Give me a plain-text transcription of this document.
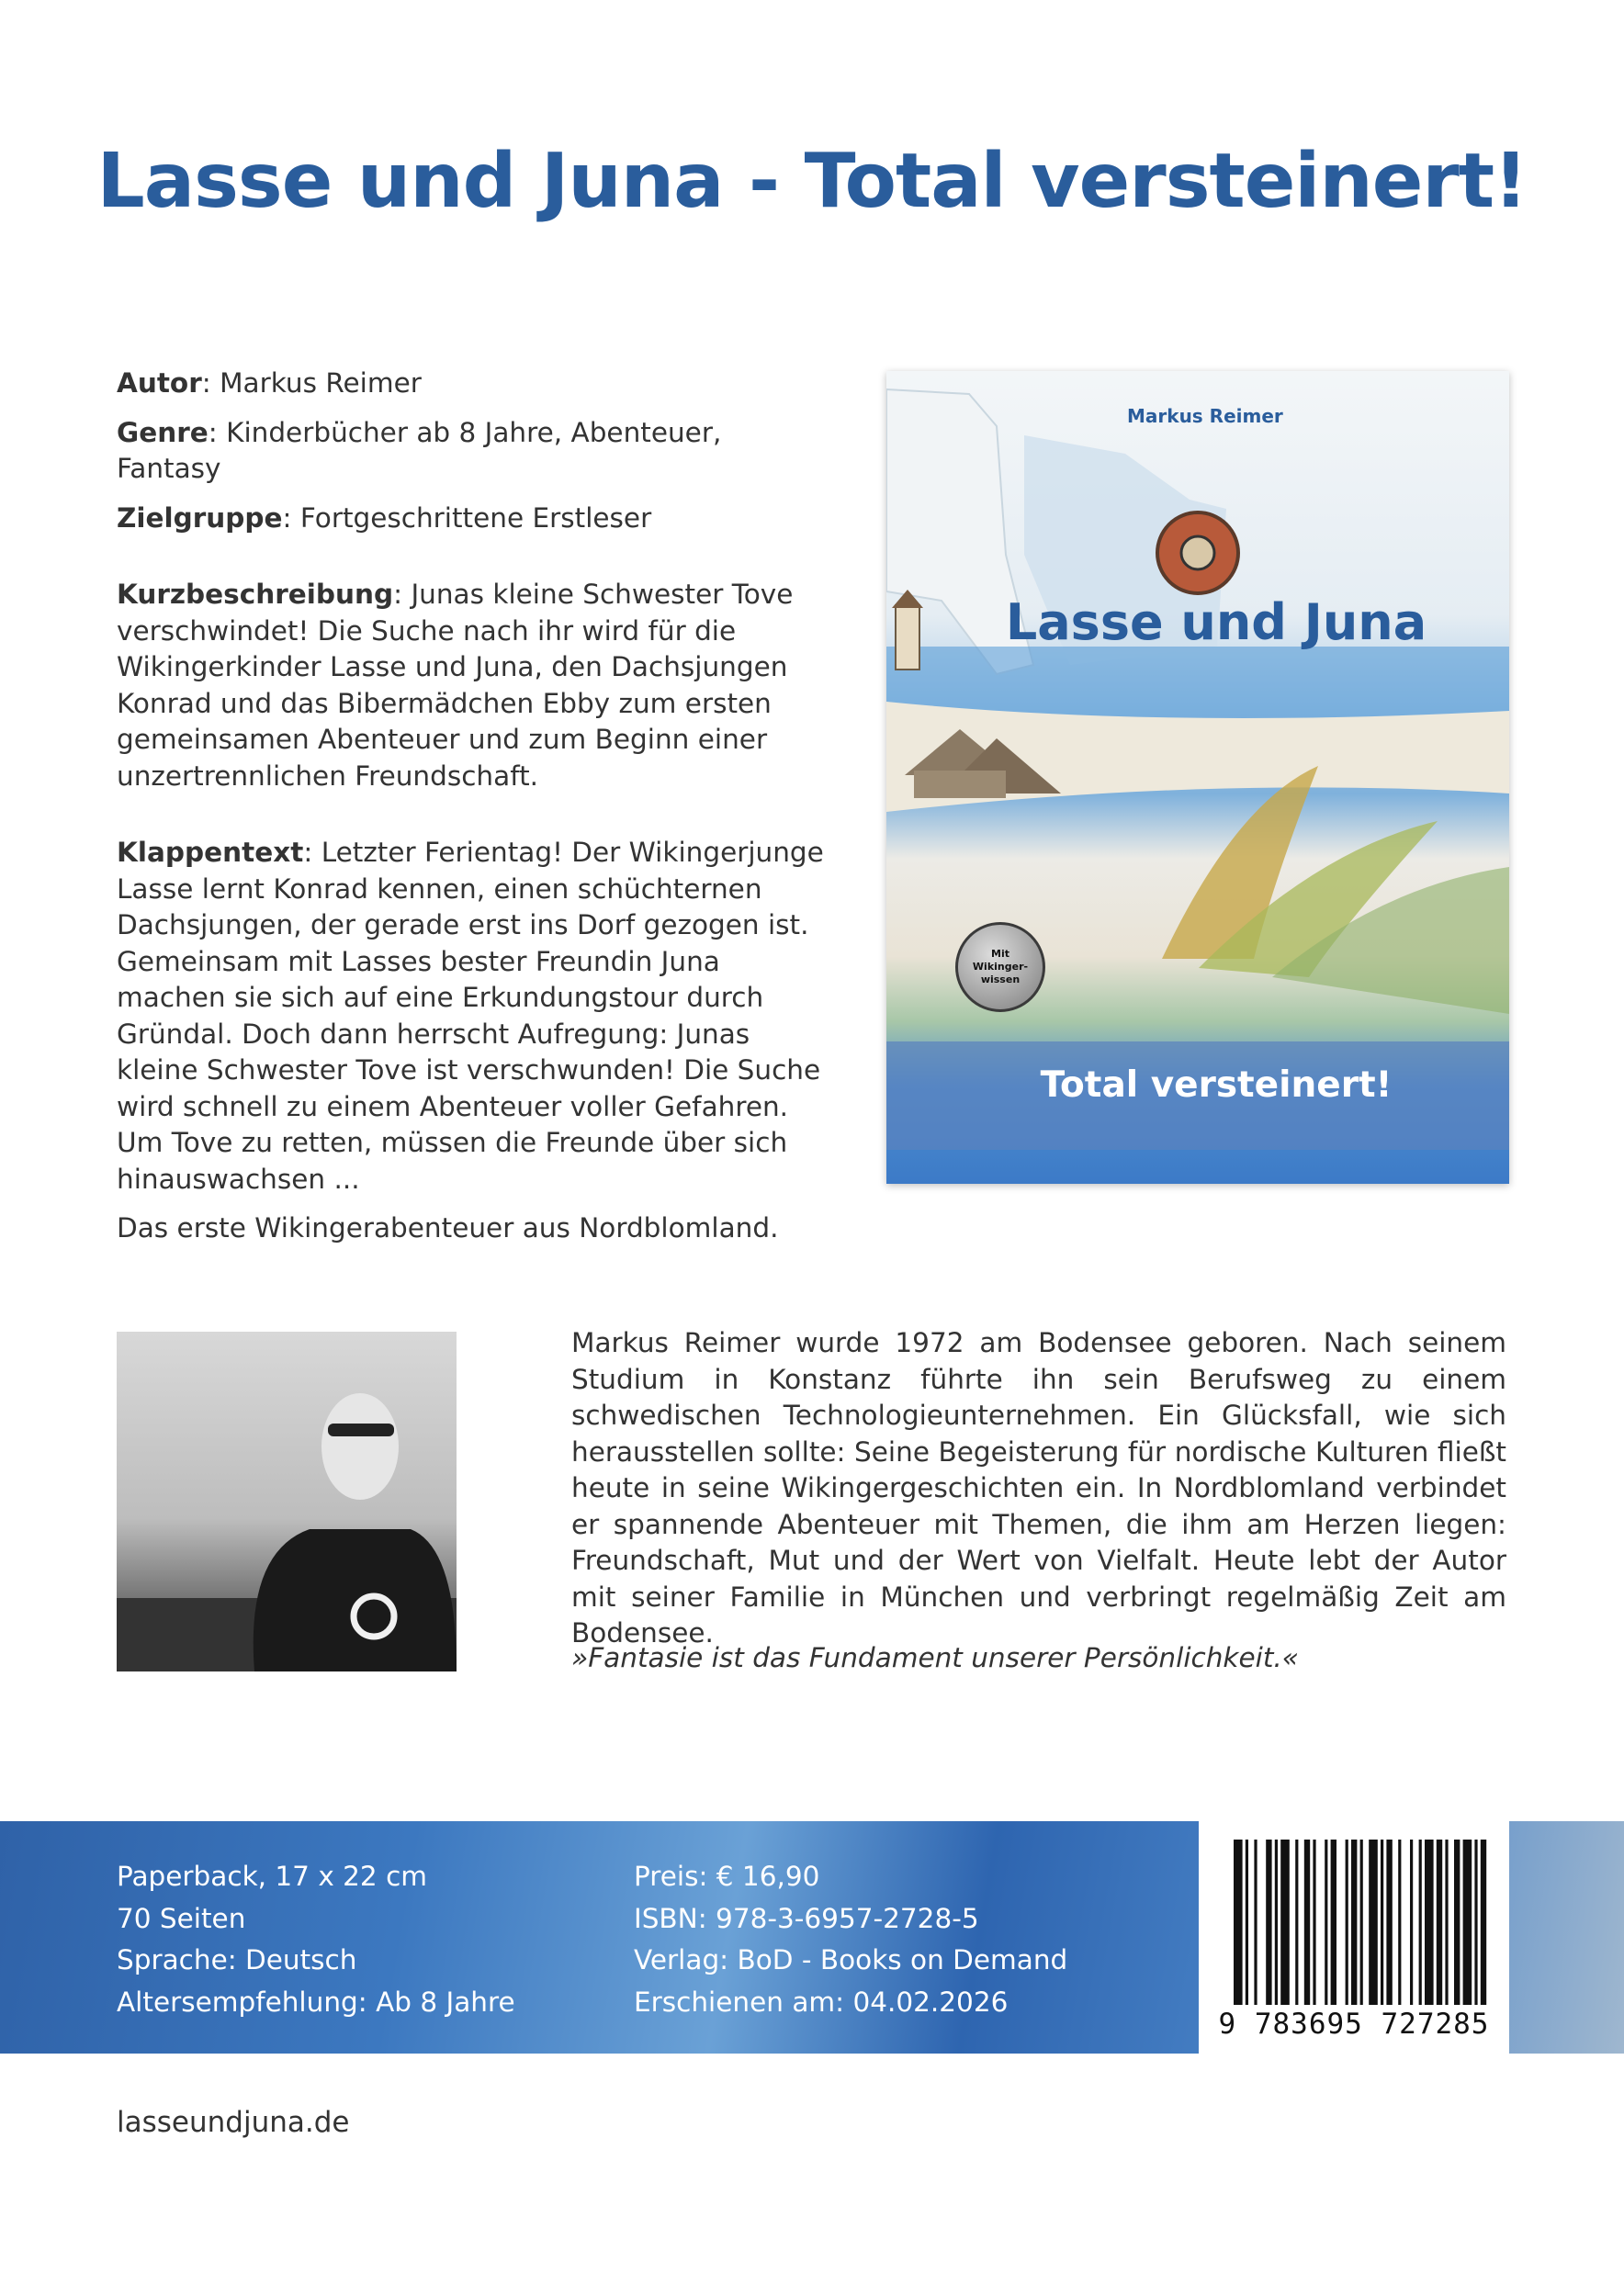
Lasse und Juna - Total versteinert!

Autor: Markus Reimer

Genre: Kinderbücher ab 8 Jahre, Abenteuer, Fantasy

Zielgruppe: Fortgeschrittene Erstleser

Kurzbeschreibung: Junas kleine Schwester Tove verschwindet! Die Suche nach ihr wird für die Wikingerkinder Lasse und Juna, den Dachsjungen Konrad und das Bibermädchen Ebby zum ersten gemeinsamen Abenteuer und zum Beginn einer unzertrennlichen Freundschaft.

Klappentext: Letzter Ferientag! Der Wikingerjunge Lasse lernt Konrad kennen, einen schüchternen Dachsjungen, der gerade erst ins Dorf gezogen ist. Gemeinsam mit Lasses bester Freundin Juna machen sie sich auf eine Erkundungstour durch Gründal. Doch dann herrscht Aufregung: Junas kleine Schwester Tove ist verschwunden! Die Suche wird schnell zu einem Abenteuer voller Gefahren. Um Tove zu retten, müssen die Freunde über sich hinauswachsen ...

Das erste Wikingerabenteuer aus Nordblomland.

Markus Reimer
Lasse und Juna
Mit
Wikinger-
wissen
Total versteinert!

Markus Reimer wurde 1972 am Bodensee geboren. Nach seinem Studium in Konstanz führte ihn sein Berufsweg zu einem schwedischen Technologieunternehmen. Ein Glücksfall, wie sich herausstellen sollte: Seine Begeisterung für nordische Kulturen fließt heute in seine Wikingergeschichten ein. In Nordblomland verbindet er spannende Abenteuer mit Themen, die ihm am Herzen liegen: Freundschaft, Mut und der Wert von Vielfalt. Heute lebt der Autor mit seiner Familie in München und verbringt regelmäßig Zeit am Bodensee.

»Fantasie ist das Fundament unserer Persönlichkeit.«

Paperback, 17 x 22 cm
70 Seiten
Sprache: Deutsch
Altersempfehlung: Ab 8 Jahre
Preis: € 16,90
ISBN: 978-3-6957-2728-5
Verlag: BoD - Books on Demand
Erschienen am: 04.02.2026
9 783695 727285
lasseundjuna.de
